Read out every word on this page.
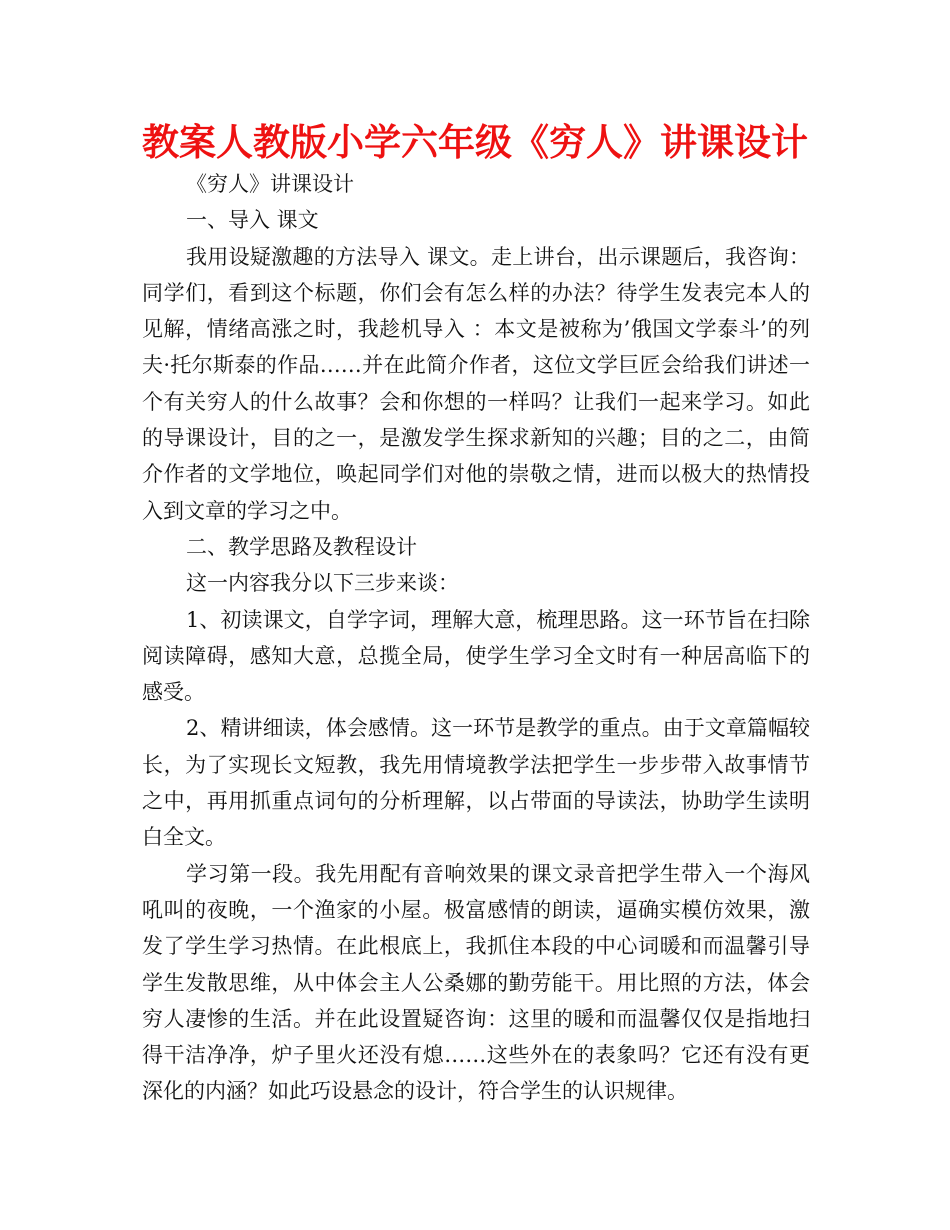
教案人教版小学六年级《穷人》讲课设计

《穷人》讲课设计

一、导入 课文

我用设疑激趣的方法导入 课文。走上讲台，出示课题后，我咨询：同学们，看到这个标题，你们会有怎么样的办法？待学生发表完本人的见解，情绪高涨之时，我趁机导入 ：本文是被称为’俄国文学泰斗’的列夫·托尔斯泰的作品……并在此简介作者，这位文学巨匠会给我们讲述一个有关穷人的什么故事？会和你想的一样吗？让我们一起来学习。如此的导课设计，目的之一，是激发学生探求新知的兴趣；目的之二，由简介作者的文学地位，唤起同学们对他的崇敬之情，进而以极大的热情投入到文章的学习之中。

二、教学思路及教程设计

这一内容我分以下三步来谈：

1、初读课文，自学字词，理解大意，梳理思路。这一环节旨在扫除阅读障碍，感知大意，总揽全局，使学生学习全文时有一种居高临下的感受。

2、精讲细读，体会感情。这一环节是教学的重点。由于文章篇幅较长，为了实现长文短教，我先用情境教学法把学生一步步带入故事情节之中，再用抓重点词句的分析理解，以占带面的导读法，协助学生读明白全文。

学习第一段。我先用配有音响效果的课文录音把学生带入一个海风吼叫的夜晚，一个渔家的小屋。极富感情的朗读，逼确实模仿效果，激发了学生学习热情。在此根底上，我抓住本段的中心词暖和而温馨引导学生发散思维，从中体会主人公桑娜的勤劳能干。用比照的方法，体会穷人凄惨的生活。并在此设置疑咨询：这里的暖和而温馨仅仅是指地扫得干洁净净，炉子里火还没有熄……这些外在的表象吗？它还有没有更深化的内涵？如此巧设悬念的设计，符合学生的认识规律。
